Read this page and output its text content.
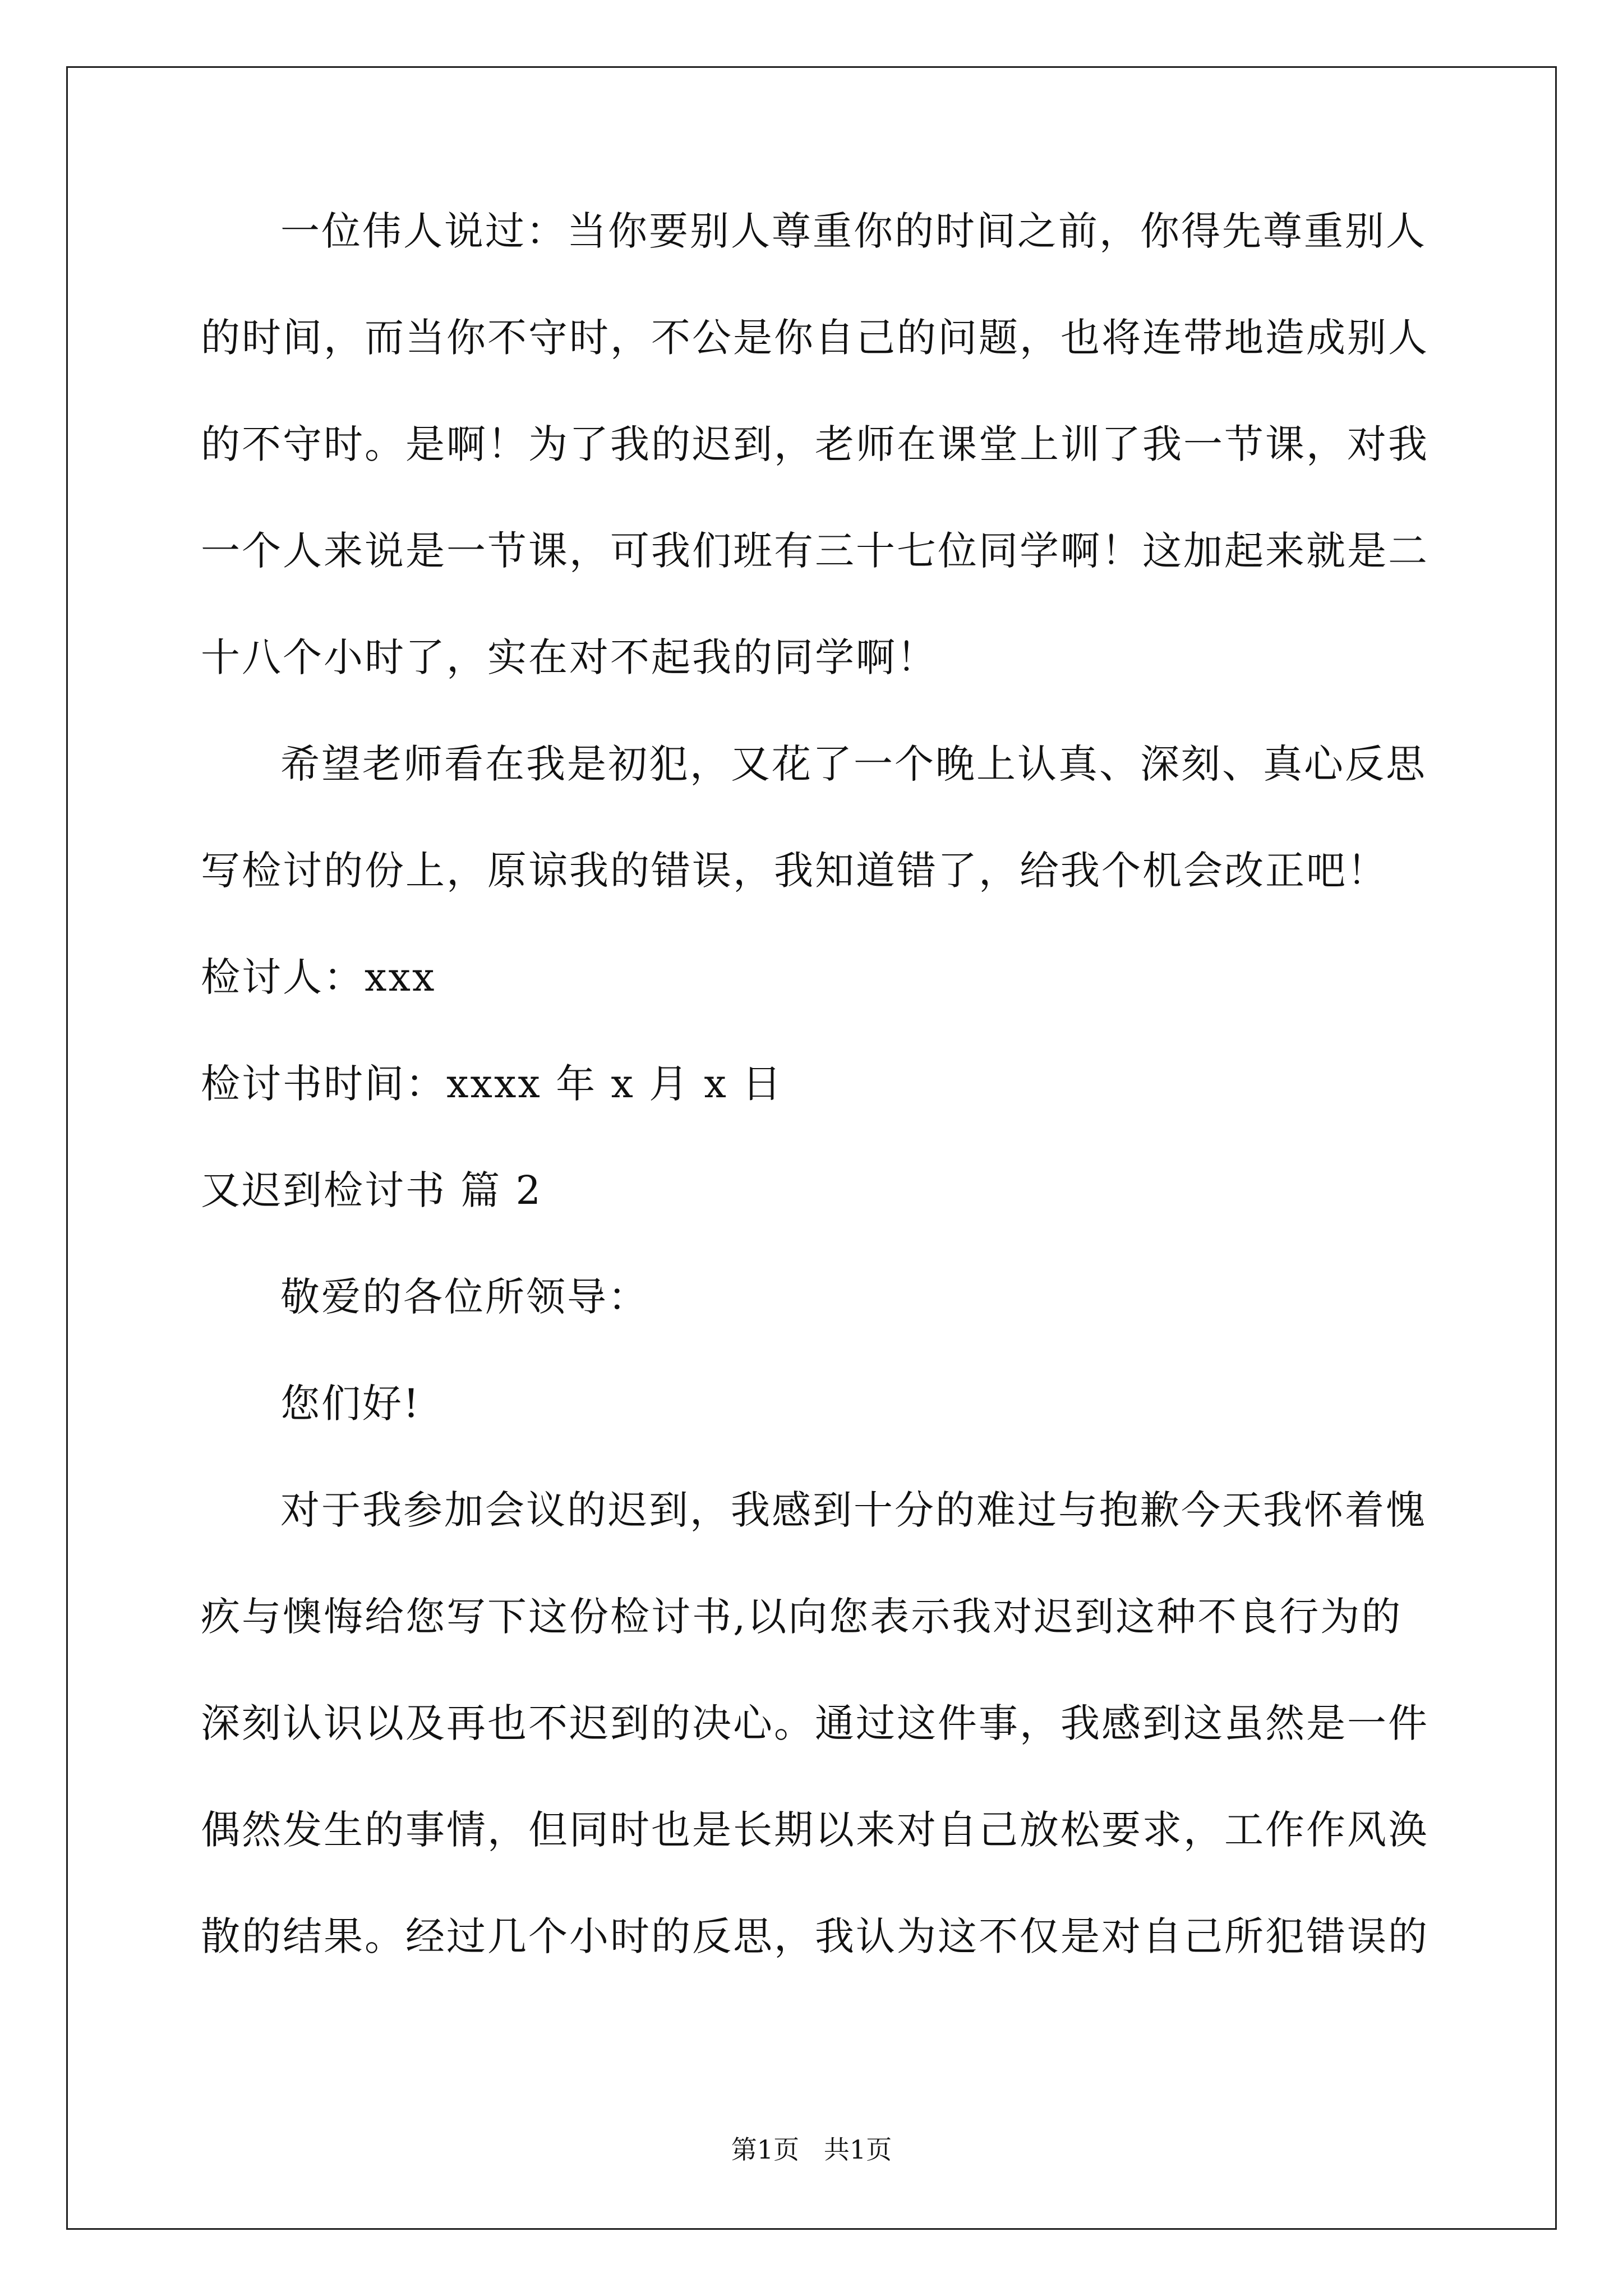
一位伟人说过：当你要别人尊重你的时间之前，你得先尊重别人
的时间，而当你不守时，不公是你自己的问题，也将连带地造成别人
的不守时。是啊！为了我的迟到，老师在课堂上训了我一节课，对我
一个人来说是一节课，可我们班有三十七位同学啊！这加起来就是二
十八个小时了，实在对不起我的同学啊！
希望老师看在我是初犯，又花了一个晚上认真、深刻、真心反思
写检讨的份上，原谅我的错误，我知道错了，给我个机会改正吧！
检讨人：xxx
检讨书时间：xxxx 年 x 月 x 日
又迟到检讨书 篇 2
敬爱的各位所领导：
您们好!
对于我参加会议的迟到，我感到十分的难过与抱歉今天我怀着愧
疚与懊悔给您写下这份检讨书,以向您表示我对迟到这种不良行为的
深刻认识以及再也不迟到的决心。通过这件事，我感到这虽然是一件
偶然发生的事情，但同时也是长期以来对自己放松要求，工作作风涣
散的结果。经过几个小时的反思，我认为这不仅是对自己所犯错误的
第1页   共1页
